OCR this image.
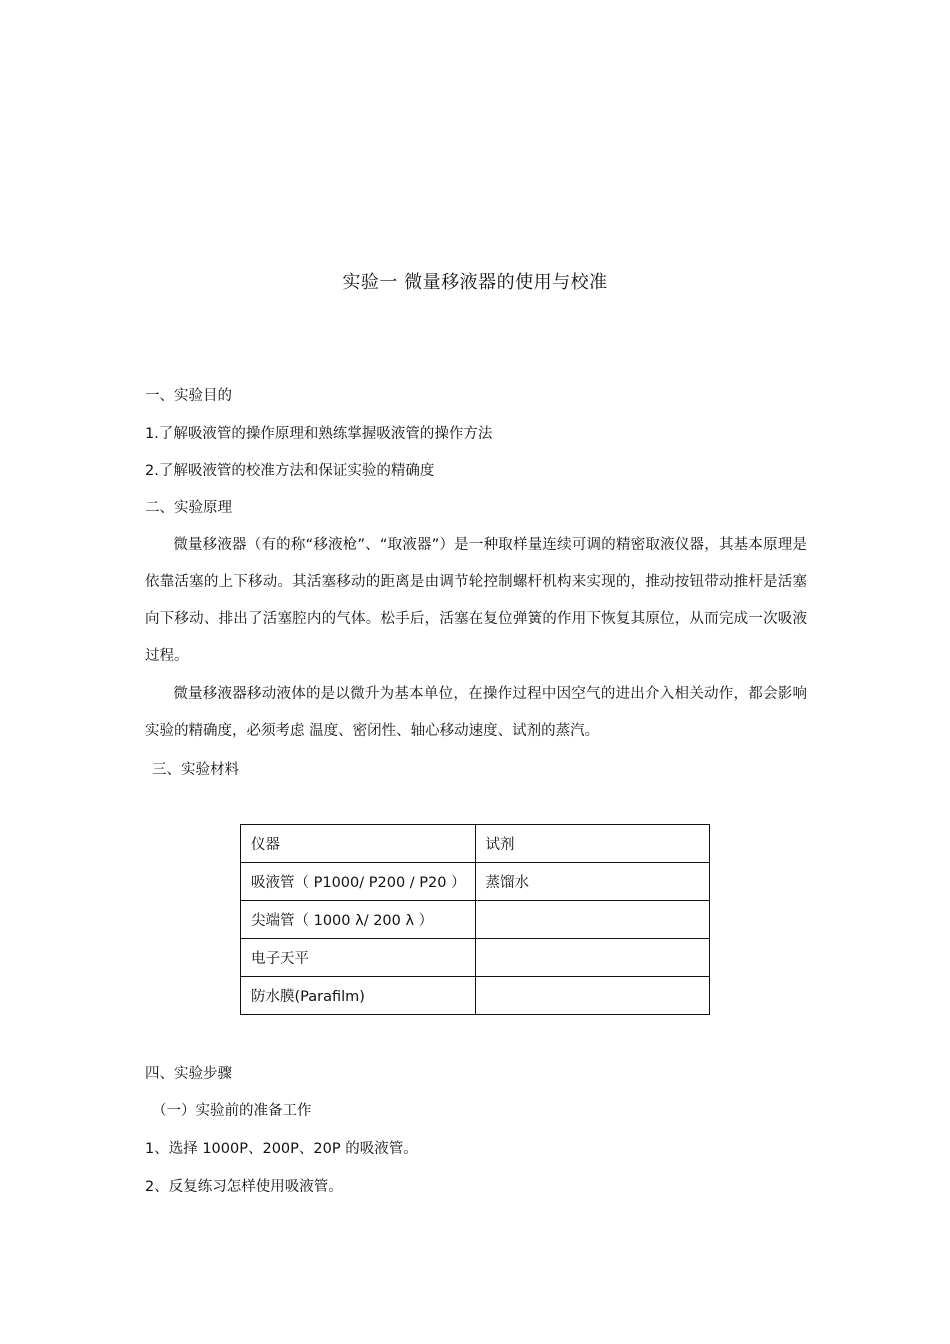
实验一 微量移液器的使用与校准
一、实验目的
1.了解吸液管的操作原理和熟练掌握吸液管的操作方法
2.了解吸液管的校准方法和保证实验的精确度
二、实验原理
微量移液器（有的称“移液枪”、“取液器”）是一种取样量连续可调的精密取液仪器，其基本原理是依靠活塞的上下移动。其活塞移动的距离是由调节轮控制螺杆机构来实现的，推动按钮带动推杆是活塞向下移动、排出了活塞腔内的气体。松手后，活塞在复位弹簧的作用下恢复其原位，从而完成一次吸液过程。
微量移液器移动液体的是以微升为基本单位，在操作过程中因空气的进出介入相关动作，都会影响实验的精确度，必须考虑 温度、密闭性、轴心移动速度、试剂的蒸汽。
三、实验材料
仪器	试剂
吸液管（ P1000/ P200 / P20 ）	蒸馏水
尖端管（ 1000 λ/ 200 λ ）	
电子天平	
防水膜(Parafilm)	
四、实验步骤
（一）实验前的准备工作
1、选择 1000P、200P、20P 的吸液管。
2、反复练习怎样使用吸液管。
